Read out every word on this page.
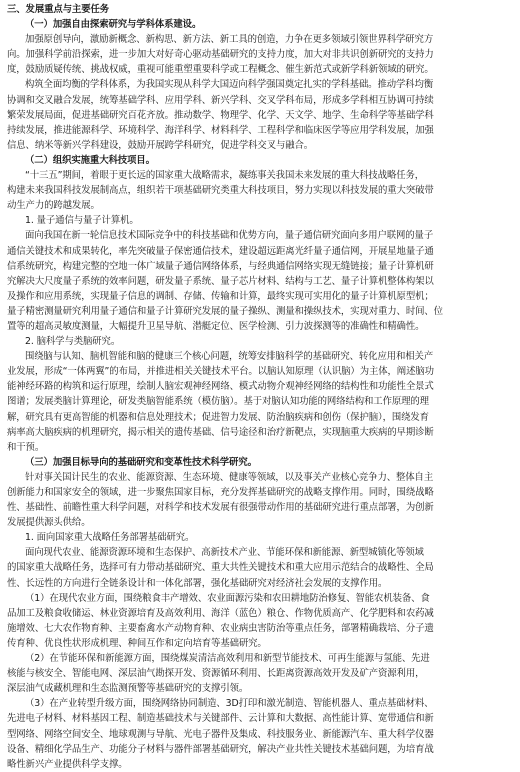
三、发展重点与主要任务
（一）加强自由探索研究与学科体系建设。
加强原创导向，激励新概念、新构思、新方法、新工具的创造，力争在更多领域引领世界科学研究方
向。加强科学前沿探索，进一步加大对好奇心驱动基础研究的支持力度，加大对非共识创新研究的支持力
度，鼓励质疑传统、挑战权威，重视可能重塑重要科学或工程概念、催生新范式或新学科新领域的研究。
构筑全面均衡的学科体系，为我国实现从科学大国迈向科学强国奠定扎实的学科基础。推动学科均衡
协调和交叉融合发展，统筹基础学科、应用学科、新兴学科、交叉学科布局，形成多学科相互协调可持续
繁荣发展局面，促进基础研究百花齐放。推动数学、物理学、化学、天文学、地学、生命科学等基础学科
持续发展，推进能源科学、环境科学、海洋科学、材料科学、工程科学和临床医学等应用学科发展，加强
信息、纳米等新兴学科建设，鼓励开展跨学科研究，促进学科交叉与融合。
（二）组织实施重大科技项目。
“十三五”期间，着眼于更长远的国家重大战略需求，凝练事关我国未来发展的重大科技战略任务，
构建未来我国科技发展制高点，组织若干项基础研究类重大科技项目，努力实现以科技发展的重大突破带
动生产力的跨越发展。
1. 量子通信与量子计算机。
面向我国在新一轮信息技术国际竞争中的科技基础和优势方向，量子通信研究面向多用户联网的量子
通信关键技术和成果转化，率先突破量子保密通信技术，建设超远距离光纤量子通信网，开展星地量子通
信系统研究，构建完整的空地一体广域量子通信网络体系，与经典通信网络实现无缝链接；量子计算机研
究解决大尺度量子系统的效率问题，研发量子系统、量子芯片材料、结构与工艺、量子计算机整体构架以
及操作和应用系统，实现量子信息的调制、存储、传输和计算，最终实现可实用化的量子计算机原型机；
量子精密测量研究利用量子通信和量子计算研究发展的量子操纵、测量和操纵技术，实现对重力、时间、位
置等的超高灵敏度测量，大幅提升卫星导航、潜艇定位、医学检测、引力波探测等的准确性和精确性。
2. 脑科学与类脑研究。
围绕脑与认知、脑机智能和脑的健康三个核心问题，统筹安排脑科学的基础研究、转化应用和相关产
业发展，形成“一体两翼”的布局，并推进相关关键技术平台。以脑认知原理（认识脑）为主体，阐述脑功
能神经环路的构筑和运行原理，绘制人脑宏观神经网络、模式动物介观神经网络的结构性和功能性全景式
图谱；发展类脑计算理论，研发类脑智能系统（模仿脑）。基于对脑认知功能的网络结构和工作原理的理
解，研究具有更高智能的机器和信息处理技术；促进智力发展、防治脑疾病和创伤（保护脑），围绕发育
病率高大脑疾病的机理研究，揭示相关的遗传基础、信号途径和治疗新靶点，实现脑重大疾病的早期诊断
和干预。
（三）加强目标导向的基础研究和变革性技术科学研究。
针对事关国计民生的农业、能源资源、生态环境、健康等领域，以及事关产业核心竞争力、整体自主
创新能力和国家安全的领域，进一步聚焦国家目标，充分发挥基础研究的战略支撑作用。同时，围绕战略
性、基础性、前瞻性重大科学问题，对科学和技术发展有很强带动作用的基础研究进行重点部署，为创新
发展提供源头供给。
1. 面向国家重大战略任务部署基础研究。
面向现代农业、能源资源环境和生态保护、高新技术产业、节能环保和新能源、新型城镇化等领域
的国家重大战略任务，选择可有力带动基础研究、重大共性关键技术和重大应用示范结合的战略性、全局
性、长远性的方向进行全链条设计和一体化部署，强化基础研究对经济社会发展的支撑作用。
（1）在现代农业方面，围绕粮食丰产增效、农业面源污染和农田耕地防治修复、智能农机装备、食
品加工及粮食收储运、林业资源培育及高效利用、海洋（蓝色）粮仓、作物优质高产、化学肥料和农药减
施增效、七大农作物育种、主要畜禽水产动物育种、农业病虫害防治等重点任务，部署精确栽培、分子遗
传育种、优良性状形成机理、种间互作和定向培育等基础研究。
（2）在节能环保和新能源方面，围绕煤炭清洁高效利用和新型节能技术、可再生能源与氢能、先进
核能与核安全、智能电网、深层油气勘探开发、资源循环利用、长距离资源高效开发及矿产资源利用，
深层油气成藏机理和生态监测预警等基础研究的支撑引领。
（3）在产业转型升级方面，围绕网络协同制造、3D打印和激光制造、智能机器人、重点基础材料、
先进电子材料、材料基因工程、制造基础技术与关键部件、云计算和大数据、高性能计算、宽带通信和新
型网络、网络空间安全、地球观测与导航、光电子器件及集成、科技服务业、新能源汽车、重大科学仪器
设备、精细化学品生产、功能分子材料与器件部署基础研究，解决产业共性关键技术基础问题，为培育战
略性新兴产业提供科学支撑。
